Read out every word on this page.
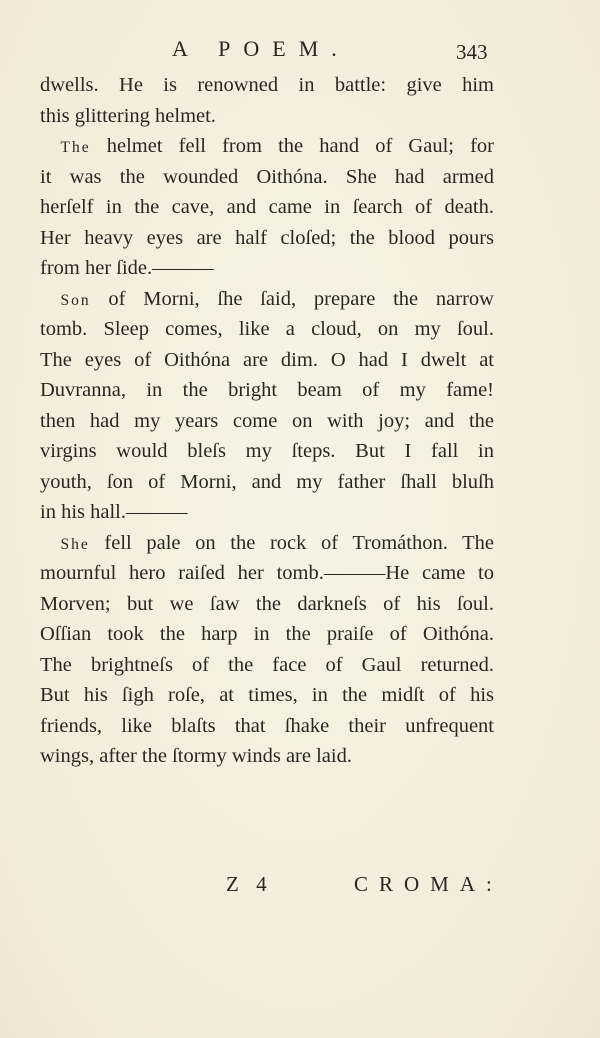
A POEM.	343
dwells. He is renowned in battle: give him
this glittering helmet.
 The helmet fell from the hand of Gaul; for
it was the wounded Oithóna. She had armed
herſelf in the cave, and came in ſearch of death.
Her heavy eyes are half cloſed; the blood pours
from her ſide.———
 Son of Morni, ſhe ſaid, prepare the narrow
tomb. Sleep comes, like a cloud, on my ſoul.
The eyes of Oithóna are dim. O had I dwelt at
Duvranna, in the bright beam of my fame!
then had my years come on with joy; and the
virgins would bleſs my ſteps. But I fall in
youth, ſon of Morni, and my father ſhall bluſh
in his hall.———
 She fell pale on the rock of Tromáthon. The
mournful hero raiſed her tomb.———He came to
Morven; but we ſaw the darkneſs of his ſoul.
Oſſian took the harp in the praiſe of Oithóna.
The brightneſs of the face of Gaul returned.
But his ſigh roſe, at times, in the midſt of his
friends, like blaſts that ſhake their unfrequent
wings, after the ſtormy winds are laid.
Z 4	CROMA:
